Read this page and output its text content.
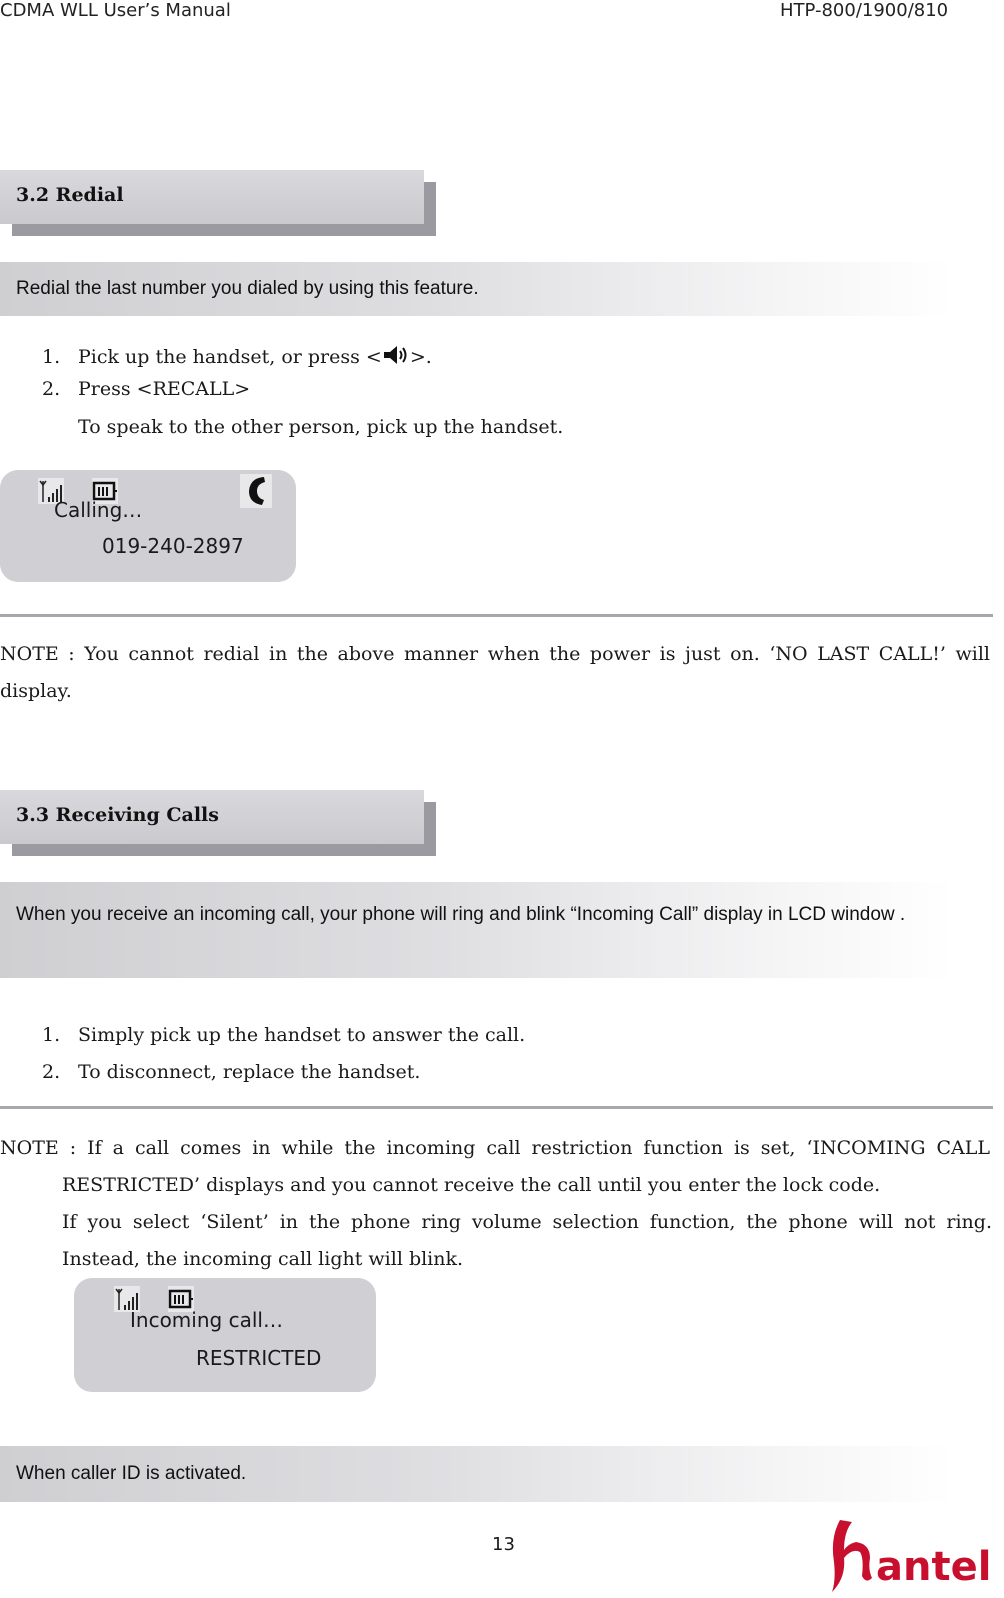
CDMA WLL User’s Manual	HTP-800/1900/810
3.2 Redial
Redial the last number you dialed by using this feature.
1. Pick up the handset, or press < >.
2. Press <RECALL>
To speak to the other person, pick up the handset.
Calling…
019-240-2897
NOTE : You cannot redial in the above manner when the power is just on. ‘NO LAST CALL!’ will display.
3.3 Receiving Calls
When you receive an incoming call, your phone will ring and blink “Incoming Call” display in LCD window .
1. Simply pick up the handset to answer the call.
2. To disconnect, replace the handset.
NOTE : If a call comes in while the incoming call restriction function is set, ‘INCOMING CALL
RESTRICTED’ displays and you cannot receive the call until you enter the lock code.
If you select ‘Silent’ in the phone ring volume selection function, the phone will not ring. Instead, the incoming call light will blink.
Incoming call…
RESTRICTED
When caller ID is activated.
13	antel
